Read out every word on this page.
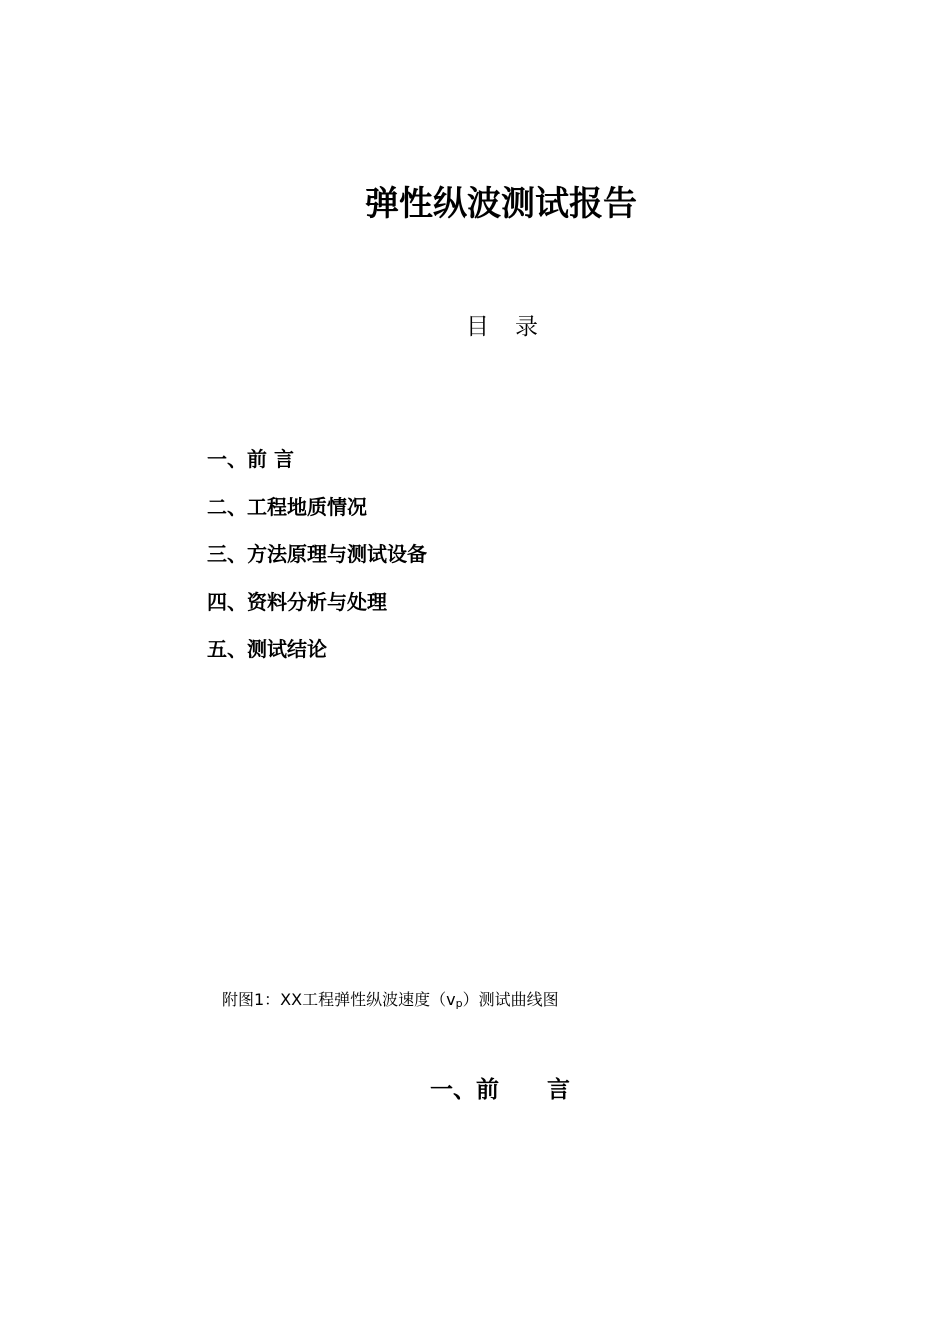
弹性纵波测试报告
目 录
一、前 言
二、工程地质情况
三、方法原理与测试设备
四、资料分析与处理
五、测试结论
附图1：XX工程弹性纵波速度$(v_p)$测试曲线图
一、前      言
